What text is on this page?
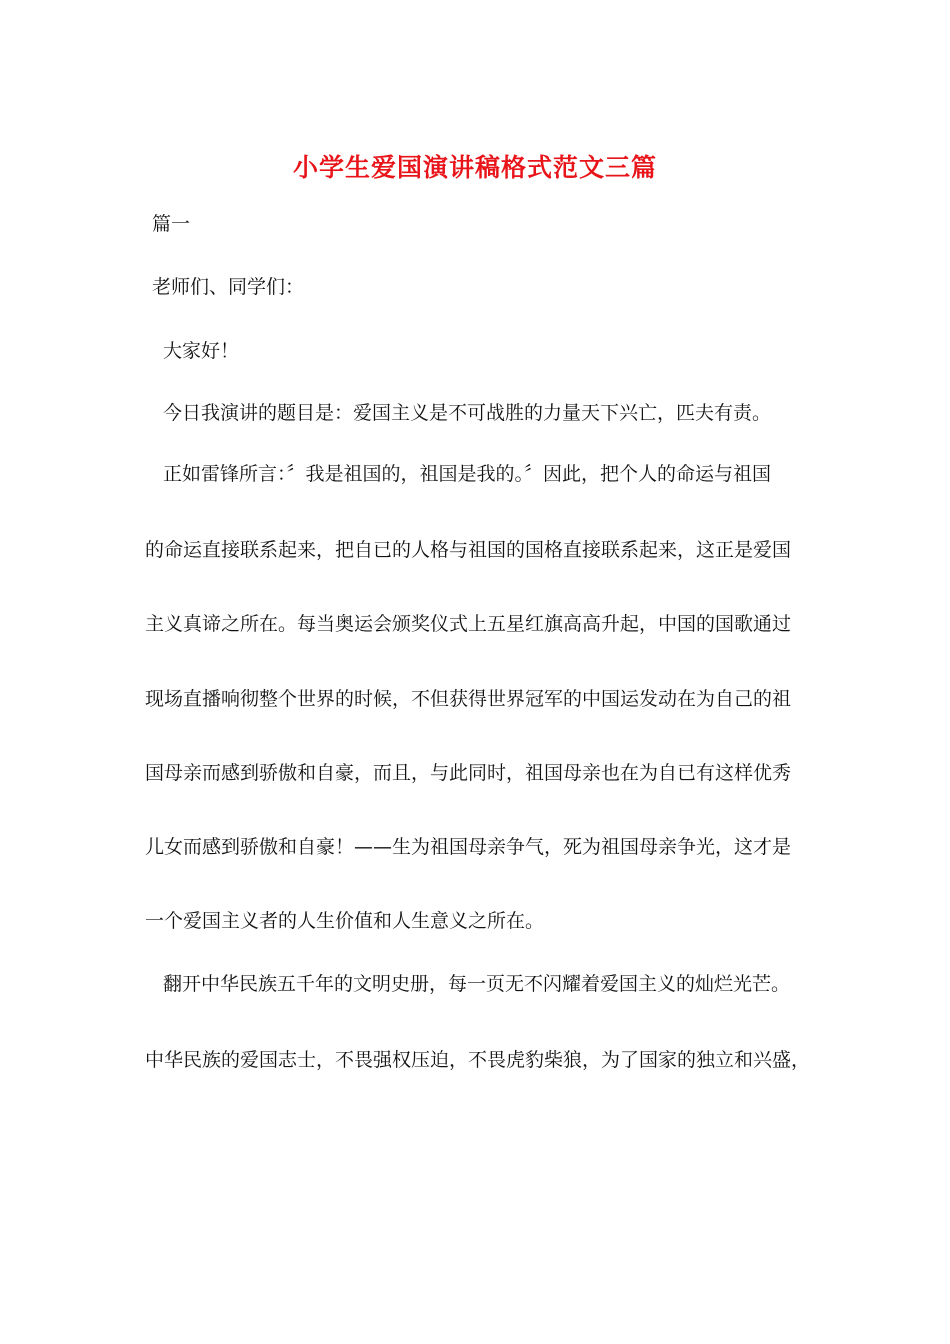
小学生爱国演讲稿格式范文三篇
篇一
老师们、同学们：
大家好！
今日我演讲的题目是：爱国主义是不可战胜的力量天下兴亡，匹夫有责。
正如雷锋所言：〞我是祖国的，祖国是我的。〞因此，把个人的命运与祖国
的命运直接联系起来，把自已的人格与祖国的国格直接联系起来，这正是爱国
主义真谛之所在。每当奥运会颁奖仪式上五星红旗高高升起，中国的国歌通过
现场直播响彻整个世界的时候，不但获得世界冠军的中国运发动在为自己的祖
国母亲而感到骄傲和自豪，而且，与此同时，祖国母亲也在为自已有这样优秀
儿女而感到骄傲和自豪！——生为祖国母亲争气，死为祖国母亲争光，这才是
一个爱国主义者的人生价值和人生意义之所在。
翻开中华民族五千年的文明史册，每一页无不闪耀着爱国主义的灿烂光芒。
中华民族的爱国志士，不畏强权压迫，不畏虎豹柴狼，为了国家的独立和兴盛，
